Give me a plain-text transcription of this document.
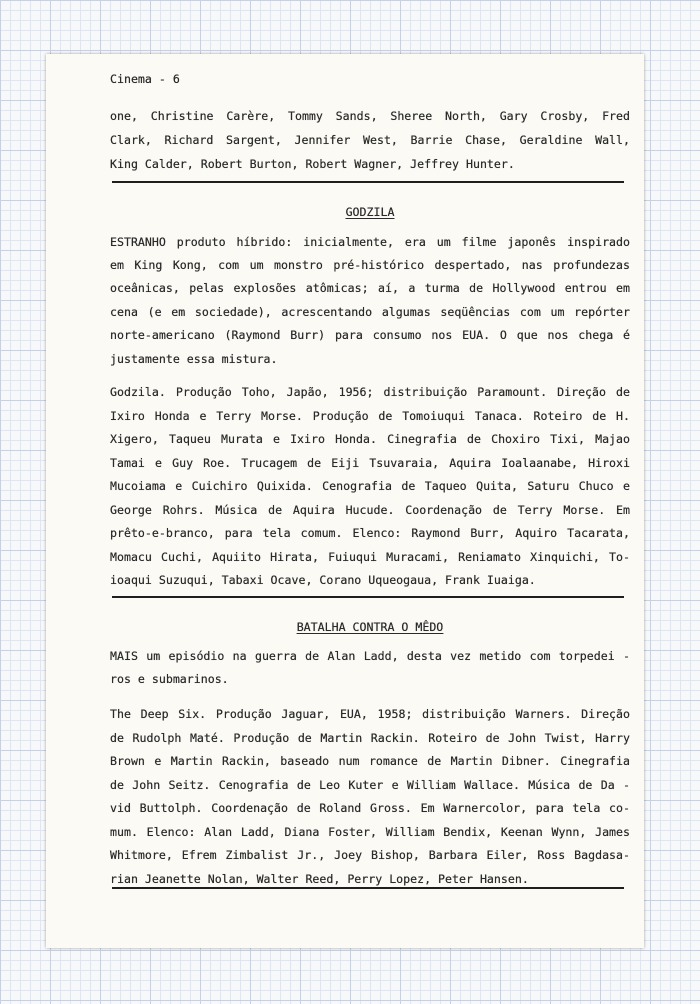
Cinema - 6
one, Christine Carère, Tommy Sands, Sheree North, Gary Crosby, Fred
Clark, Richard Sargent, Jennifer West, Barrie Chase, Geraldine Wall,
King Calder, Robert Burton, Robert Wagner, Jeffrey Hunter.
GODZILA
ESTRANHO produto híbrido: inicialmente, era um filme japonês inspirado
em King Kong, com um monstro pré-histórico despertado, nas profundezas
oceânicas, pelas explosões atômicas; aí, a turma de Hollywood entrou em
cena (e em sociedade), acrescentando algumas seqüências com um repórter
norte-americano (Raymond Burr) para consumo nos EUA. O que nos chega é
justamente essa mistura.
Godzila. Produção Toho, Japão, 1956; distribuição Paramount. Direção de
Ixiro Honda e Terry Morse. Produção de Tomoiuqui Tanaca. Roteiro de H.
Xigero, Taqueu Murata e Ixiro Honda. Cinegrafia de Choxiro Tixi, Majao
Tamai e Guy Roe. Trucagem de Eiji Tsuvaraia, Aquira Ioalaanabe, Hiroxi
Mucoiama e Cuichiro Quixida. Cenografia de Taqueo Quita, Saturu Chuco e
George Rohrs. Música de Aquira Hucude. Coordenação de Terry Morse. Em
prêto-e-branco, para tela comum. Elenco: Raymond Burr, Aquiro Tacarata,
Momacu Cuchi, Aquiito Hirata, Fuiuqui Muracami, Reniamato Xinquichi, To-
ioaqui Suzuqui, Tabaxi Ocave, Corano Uqueogaua, Frank Iuaiga.
BATALHA CONTRA O MÊDO
MAIS um episódio na guerra de Alan Ladd, desta vez metido com torpedei -
ros e submarinos.
The Deep Six. Produção Jaguar, EUA, 1958; distribuição Warners. Direção
de Rudolph Maté. Produção de Martin Rackin. Roteiro de John Twist, Harry
Brown e Martin Rackin, baseado num romance de Martin Dibner. Cinegrafia
de John Seitz. Cenografia de Leo Kuter e William Wallace. Música de Da -
vid Buttolph. Coordenação de Roland Gross. Em Warnercolor, para tela co-
mum. Elenco: Alan Ladd, Diana Foster, William Bendix, Keenan Wynn, James
Whitmore, Efrem Zimbalist Jr., Joey Bishop, Barbara Eiler, Ross Bagdasa-
rian Jeanette Nolan, Walter Reed, Perry Lopez, Peter Hansen.
